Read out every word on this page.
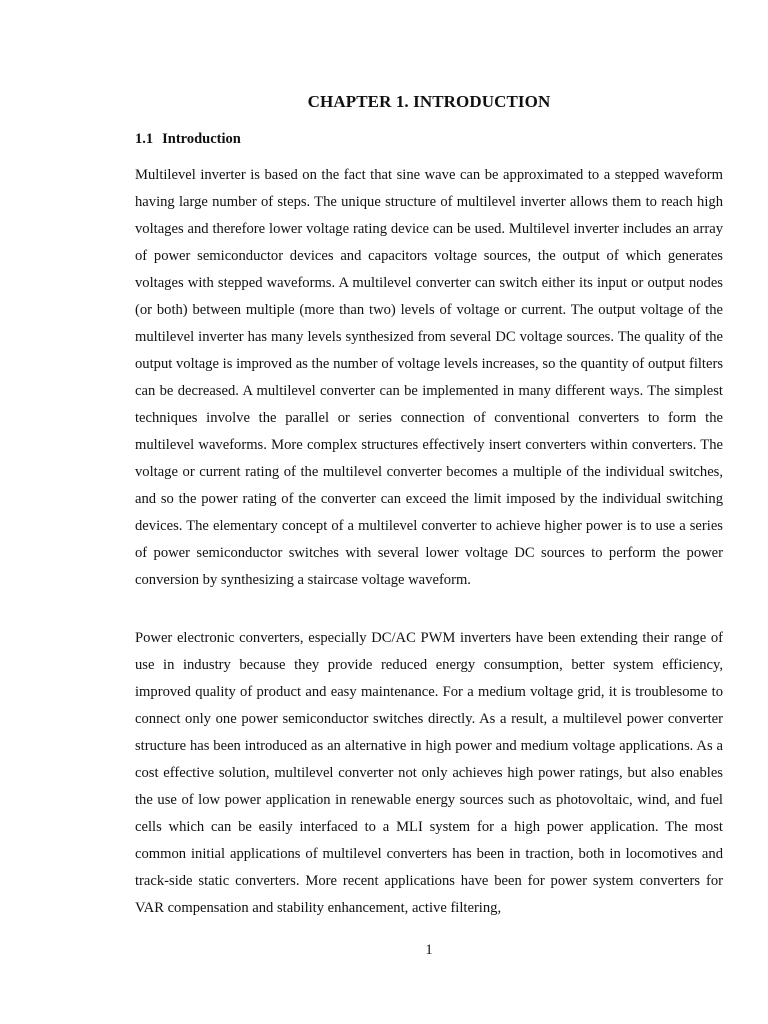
CHAPTER 1. INTRODUCTION
1.1 Introduction

Multilevel inverter is based on the fact that sine wave can be approximated to a stepped waveform having large number of steps. The unique structure of multilevel inverter allows them to reach high voltages and therefore lower voltage rating device can be used. Multilevel inverter includes an array of power semiconductor devices and capacitors voltage sources, the output of which generates voltages with stepped waveforms. A multilevel converter can switch either its input or output nodes (or both) between multiple (more than two) levels of voltage or current. The output voltage of the multilevel inverter has many levels synthesized from several DC voltage sources. The quality of the output voltage is improved as the number of voltage levels increases, so the quantity of output filters can be decreased. A multilevel converter can be implemented in many different ways. The simplest techniques involve the parallel or series connection of conventional converters to form the multilevel waveforms. More complex structures effectively insert converters within converters. The voltage or current rating of the multilevel converter becomes a multiple of the individual switches, and so the power rating of the converter can exceed the limit imposed by the individual switching devices. The elementary concept of a multilevel converter to achieve higher power is to use a series of power semiconductor switches with several lower voltage DC sources to perform the power conversion by synthesizing a staircase voltage waveform.

Power electronic converters, especially DC/AC PWM inverters have been extending their range of use in industry because they provide reduced energy consumption, better system efficiency, improved quality of product and easy maintenance. For a medium voltage grid, it is troublesome to connect only one power semiconductor switches directly. As a result, a multilevel power converter structure has been introduced as an alternative in high power and medium voltage applications. As a cost effective solution, multilevel converter not only achieves high power ratings, but also enables the use of low power application in renewable energy sources such as photovoltaic, wind, and fuel cells which can be easily interfaced to a MLI system for a high power application. The most common initial applications of multilevel converters has been in traction, both in locomotives and track-side static converters. More recent applications have been for power system converters for VAR compensation and stability enhancement, active filtering,

1
